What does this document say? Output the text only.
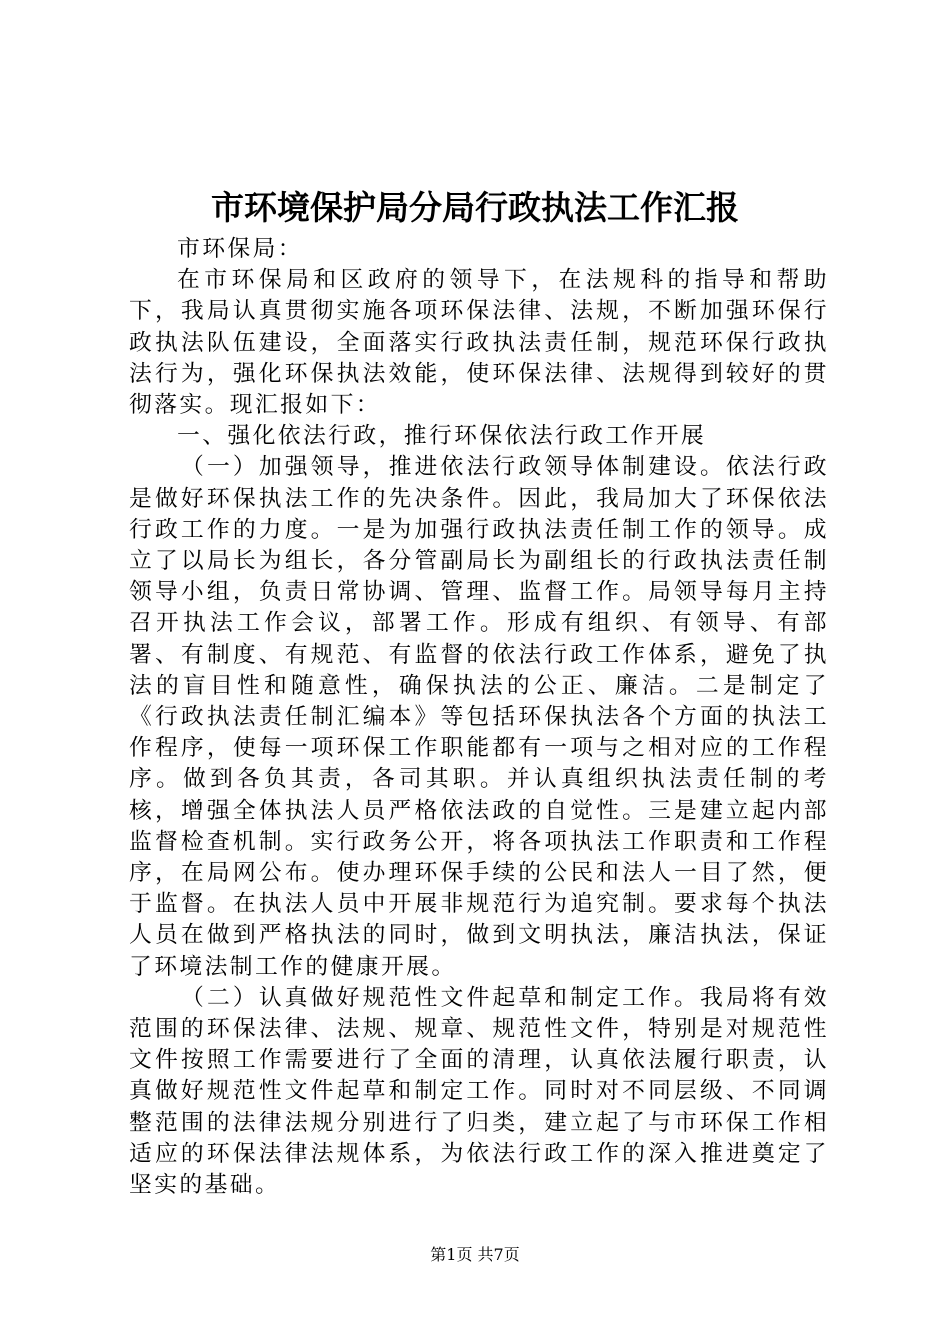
市环境保护局分局行政执法工作汇报

市环保局：

在市环保局和区政府的领导下，在法规科的指导和帮助下，我局认真贯彻实施各项环保法律、法规，不断加强环保行政执法队伍建设，全面落实行政执法责任制，规范环保行政执法行为，强化环保执法效能，使环保法律、法规得到较好的贯彻落实。现汇报如下：

一、强化依法行政，推行环保依法行政工作开展

（一）加强领导，推进依法行政领导体制建设。依法行政是做好环保执法工作的先决条件。因此，我局加大了环保依法行政工作的力度。一是为加强行政执法责任制工作的领导。成立了以局长为组长，各分管副局长为副组长的行政执法责任制领导小组，负责日常协调、管理、监督工作。局领导每月主持召开执法工作会议，部署工作。形成有组织、有领导、有部署、有制度、有规范、有监督的依法行政工作体系，避免了执法的盲目性和随意性，确保执法的公正、廉洁。二是制定了《行政执法责任制汇编本》等包括环保执法各个方面的执法工作程序，使每一项环保工作职能都有一项与之相对应的工作程序。做到各负其责，各司其职。并认真组织执法责任制的考核，增强全体执法人员严格依法政的自觉性。三是建立起内部监督检查机制。实行政务公开，将各项执法工作职责和工作程序，在局网公布。使办理环保手续的公民和法人一目了然，便于监督。在执法人员中开展非规范行为追究制。要求每个执法人员在做到严格执法的同时，做到文明执法，廉洁执法，保证了环境法制工作的健康开展。

（二）认真做好规范性文件起草和制定工作。我局将有效范围的环保法律、法规、规章、规范性文件，特别是对规范性文件按照工作需要进行了全面的清理，认真依法履行职责，认真做好规范性文件起草和制定工作。同时对不同层级、不同调整范围的法律法规分别进行了归类，建立起了与市环保工作相适应的环保法律法规体系，为依法行政工作的深入推进奠定了坚实的基础。

第1页 共7页
